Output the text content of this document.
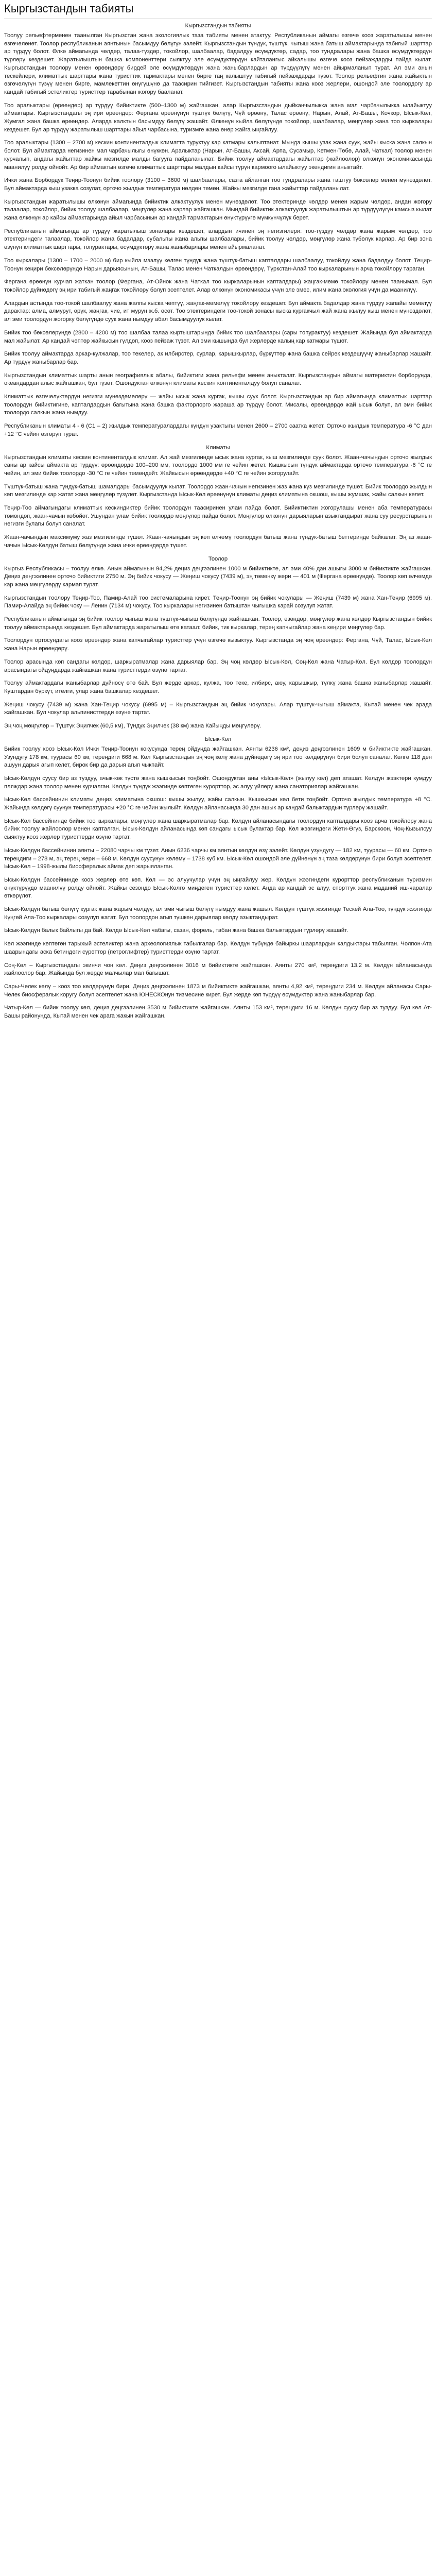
Кыргызстандын табияты
Кыргызстандын табияты

Тоолуу рельефтерменен таанылган Кыргызстан жана экологиялык таза табияты менен атактуу. Республиканын аймагы өзгөчө кооз жаратылышы менен өзгөчөлөнөт. Тоолор республиканын аянтынын басымдуу бөлүгүн ээлейт. Кыргызстандын түндүк, түштүк, чыгыш жана батыш аймактарында табигый шарттар ар түрдүү болот. Өлкө аймагында чөлдөр, талаа-түздөр, токойлор, шалбаалар, бадалдуу өсүмдүктөр, садар, тоо тундралары жана башка өсүмдүктөрдүн түрлөрү кездешет. Жаратылыштын башка компоненттери сыяктуу эле өсүмдүктөрдүн кайталангыс айкалышы өзгөчө кооз пейзаждарды пайда кылат. Кыргызстандын тоолору менен өрөөндөрү бирдей эле өсүмдүктөрдүн жана жаныбарлардын ар түрдүүлүгү менен айырмаланып турат. Ал эми анын тескейлери, климаттык шарттары жана туристтик тармактары менен бирге таң калыштуу табигый пейзаждарды түзөт. Тоолор рельефтин жана жайыктын өзгөчөлүгүн түзүү менен бирге, мамлекеттин өнүгүшүнө да таасирин тийгизет. Кыргызстандын табияты жана кооз жерлери, ошондой эле тоолордогу ар кандай табигый эстеликтер туристтер тарабынан жогору бааланат.

Тоо аралыктары (өрөөндөр) ар түрдүү бийиктикте (500–1300 м) жайгашкан, алар Кыргызстандын дыйканчылыкка жана мал чарбачылыкка ылайыктуу аймактары. Кыргызстандагы эң ири өрөөндөр: Фергана өрөөнүнүн түштүк бөлүгү, Чүй өрөөнү, Талас өрөөнү, Нарын, Алай, Ат-Башы, Кочкор, Ысык-Көл, Жумгал жана башка өрөөндөр. Аларда калктын басымдуу бөлүгү жашайт. Өлкөнүн кыйла бөлүгүндө токойлор, шалбаалар, мөңгүлөр жана тоо кыркалары кездешет. Бул ар түрдүү жаратылыш шарттары айыл чарбасына, туризмге жана өнөр жайга ыңгайлуу.

Тоо аралыктары (1300 – 2700 м) кескин континенталдык климатта туруктуу кар катмары калыптанат. Мында кышы узак жана суук, жайы кыска жана салкын болот. Бул аймактарда негизинен мал чарбачылыгы өнүккөн. Аралыктар (Нарын, Ат-Башы, Аксай, Арпа, Сусамыр, Кетмен-Төбө, Алай, Чаткал) тоолор менен курчалып, андагы жайыттар жайкы мезгилде малды багууга пайдаланылат. Бийик тоолуу аймактардагы жайыттар (жайлоолор) өлкөнүн экономикасында маанилүү ролду ойнойт. Ар бир аймактын өзгөчө климаттык шарттары малдын кайсы түрүн кармоого ылайыктуу экендигин аныктайт.

Ички жана Борбордук Теңир-Тоонун бийик тоолору (3100 – 3600 м) шалбаалары, сазга айланган тоо тундралары жана таштуу бөксөлөр менен мүнөздөлөт. Бул аймактарда кыш узакка созулат, орточо жылдык температура нөлдөн төмөн. Жайкы мезгилде гана жайыттар пайдаланылат.

Кыргызстандын жаратылышы өлкөнүн аймагында бийиктик алкактуулук менен мүнөздөлөт. Тоо этектеринде чөлдөр менен жарым чөлдөр, андан жогору талаалар, токойлор, бийик тоолуу шалбаалар, мөңгүлөр жана карлар жайгашкан. Мындай бийиктик алкактуулук жаратылыштын ар түрдүүлүгүн камсыз кылат жана өлкөнүн ар кайсы аймактарында айыл чарбасынын ар кандай тармактарын өнүктүрүүгө мүмкүнчүлүк берет.

Республиканын аймагында ар түрдүү жаратылыш зоналары кездешет, алардын ичинен эң негизгилери: тоо-түздүү чөлдөр жана жарым чөлдөр, тоо этектериндеги талаалар, токойлор жана бадалдар, субальпы жана альпы шалбаалары, бийик тоолуу чөлдөр, мөңгүлөр жана түбөлүк карлар. Ар бир зона өзүнүн климаттык шарттары, топурактары, өсүмдүктөрү жана жаныбарлары менен айырмаланат.

Тоо кыркалары (1300 – 1700 – 2000 м) бир кыйла мээлүү келген түндүк жана түштүк-батыш капталдары шалбаалуу, токойлуу жана бадалдуу болот. Теңир-Тоонун кеңири бөксөлөрүндө Нарын дарыясынын, Ат-Башы, Талас менен Чаткалдын өрөөндөрү, Түркстан-Алай тоо кыркаларынын арча токойлору тараган.

Фергана өрөөнүн курчап жаткан тоолор (Фергана, Ат-Ойнок жана Чаткал тоо кыркаларынын капталдары) жаңгак-мөмө токойлору менен таанымал. Бул токойлор дүйнөдөгү эң ири табигый жаңгак токойлору болуп эсептелет. Алар өлкөнүн экономикасы үчүн эле эмес, илим жана экология үчүн да маанилүү.

Алардын астында тоо-токой шалбаалуу жана жалпы кыска чөптүү, жаңгак-мөмөлүү токойлору кездешет. Бул аймакта бадалдар жана түрдүү жапайы мөмөлүү дарактар: алма, алмурут, өрүк, жаңгак, чие, ит мурун ж.б. өсөт. Тоо этектериндеги тоо-токой зонасы кыска кургакчыл жай жана жылуу кыш менен мүнөздөлөт, ал эми тоолордун жогорку бөлүгүндө суук жана нымдуу абал басымдуулук кылат.

Бийик тоо бөксөлөрүндө (2800 – 4200 м) тоо шалбаа талаа кыртыштарында бийик тоо шалбаалары (сары топурактуу) кездешет. Жайында бул аймактарда мал жайылат. Ар кандай чөптөр жайкысын гүлдөп, кооз пейзаж түзөт. Ал эми кышында бул жерлерде калың кар катмары түшөт.

Бийик тоолуу аймактарда аркар-кулжалар, тоо текелер, ак илбирстер, сурлар, карышкырлар, бүркүттөр жана башка сейрек кездешүүчү жаныбарлар жашайт. Ар түрдүү жаныбарлар бар.

Кыргызстандын климаттык шарты анын географиялык абалы, бийиктиги жана рельефи менен аныкталат. Кыргызстандын аймагы материктин борборунда, океандардан алыс жайгашкан, бул түзөт. Ошондуктан өлкөнүн климаты кескин континенталдуу болуп саналат.

Климаттык өзгөчөлүктөрдүн негизги мүнөздөмөлөрү — жайы ысык жана кургак, кышы суук болот. Кыргызстандын ар бир аймагында климаттык шарттар тоолордун бийиктигине, капталдардын багытына жана башка факторлорго жараша ар түрдүү болот. Мисалы, өрөөндөрдө жай ысык болуп, ал эми бийик тоолордо салкын жана нымдуу.

Республиканын климаты 4 - 6 (С1 – 2) жылдык температуралардагы күндүн узактыгы менен 2600 – 2700 саатка жетет. Орточо жылдык температура -6 °С дан +12 °С чейин өзгөрүп турат.

Климаты

Кыргызстандын климаты кескин континенталдык климат. Ал жай мезгилинде ысык жана кургак, кыш мезгилинде суук болот. Жаан-чачындын орточо жылдык саны ар кайсы аймакта ар түрдүү: өрөөндөрдө 100–200 мм, тоолордо 1000 мм ге чейин жетет. Кышкысын түндүк аймактарда орточо температура -6 °С ге чейин, ал эми бийик тоолордо -30 °С ге чейин төмөндөйт. Жайкысын өрөөндөрдө +40 °С ге чейин жогорулайт.

Түштүк-батыш жана түндүк-батыш шамалдары басымдуулук кылат. Тоолордо жаан-чачын негизинен жаз жана күз мезгилинде түшөт. Бийик тоолордо жылдын көп мезгилинде кар жатат жана мөңгүлөр түзүлөт. Кыргызстанда Ысык-Көл өрөөнүнүн климаты деңиз климатына окшош, кышы жумшак, жайы салкын келет.

Теңир-Тоо аймагындагы климаттык кескиндиктер бийик тоолордун таасиринен улам пайда болот. Бийиктиктин жогорулашы менен аба температурасы төмөндөп, жаан-чачын көбөйөт. Ушундан улам бийик тоолордо мөңгүлөр пайда болот. Мөңгүлөр өлкөнүн дарыяларын азыктандырат жана суу ресурстарынын негизги булагы болуп саналат.

Жаан-чачындын максимуму жаз мезгилинде түшөт. Жаан-чачындын эң көп өлчөмү тоолордун батыш жана түндүк-батыш беттеринде байкалат. Эң аз жаан-чачын Ысык-Көлдүн батыш бөлүгүндө жана ички өрөөндөрдө түшөт.

Тоолор

Кыргыз Республикасы – тоолуу өлкө. Анын аймагынын 94,2% деңиз деңгээлинен 1000 м бийиктикте, ал эми 40% дан ашыгы 3000 м бийиктикте жайгашкан. Деңиз деңгээлинен орточо бийиктиги 2750 м. Эң бийик чокусу — Жеңиш чокусу (7439 м), эң төмөнкү жери — 401 м (Фергана өрөөнүндө). Тоолор көп өлчөмдө кар жана мөңгүлөрдү кармап турат.

Кыргызстандын тоолору Теңир-Тоо, Памир-Алай тоо системаларына кирет. Теңир-Тоонун эң бийик чокулары — Жеңиш (7439 м) жана Хан-Теңир (6995 м). Памир-Алайда эң бийик чоку — Ленин (7134 м) чокусу. Тоо кыркалары негизинен батыштан чыгышка карай созулуп жатат.

Республиканын аймагында эң бийик тоолор чыгыш жана түштүк-чыгыш бөлүгүндө жайгашкан. Тоолор, өзөндөр, мөңгүлөр жана көлдөр Кыргызстандын бийик тоолуу аймактарында кездешет. Бул аймактарда жаратылыш өтө катаал: бийик, тик кыркалар, терең капчыгайлар жана кеңири мөңгүлөр бар.

Тоолордун ортосундагы кооз өрөөндөр жана капчыгайлар туристтер үчүн өзгөчө кызыктуу. Кыргызстанда эң чоң өрөөндөр: Фергана, Чүй, Талас, Ысык-Көл жана Нарын өрөөндөрү.

Тоолор арасында көп сандагы көлдөр, шаркыратмалар жана дарыялар бар. Эң чоң көлдөр Ысык-Көл, Соң-Көл жана Чатыр-Көл. Бул көлдөр тоолордун арасындагы ойдуңдарда жайгашкан жана туристтерди өзүнө тартат.

Тоолуу аймактардагы жаныбарлар дүйнөсү өтө бай. Бул жерде аркар, кулжа, тоо теке, илбирс, аюу, карышкыр, түлкү жана башка жаныбарлар жашайт. Куштардан бүркүт, ителги, улар жана башкалар кездешет.

Жеңиш чокусу (7439 м) жана Хан-Теңир чокусу (6995 м) – Кыргызстандын эң бийик чокулары. Алар түштүк-чыгыш аймакта, Кытай менен чек арада жайгашкан. Бул чокулар альпинисттерди өзүнө тартат.

Эң чоң мөңгүлөр – Түштүк Эңилчек (60,5 км), Түндүк Эңилчек (38 км) жана Кайыңды мөңгүлөрү.

Ысык-Көл

Бийик тоолуу кооз Ысык-Көл Ички Теңир-Тоонун кокусунда терең ойдуңда жайгашкан. Аянты 6236 км², деңиз деңгээлинен 1609 м бийиктикте жайгашкан. Узундугу 178 км, туурасы 60 км, тереңдиги 668 м. Көл Кыргызстандын эң чоң көлү жана дүйнөдөгү эң ири тоо көлдөрүнүн бири болуп саналат. Көлгө 118 ден ашуун дарыя агып келет, бирок бир да дарыя агып чыкпайт.

Ысык-Көлдүн суусу бир аз туздуу, ачык-көк түстө жана кышкысын тоңбойт. Ошондуктан аны «Ысык-Көл» (жылуу көл) деп аташат. Көлдүн жээктери кумдуу пляждар жана тоолор менен курчалган. Көлдүн түндүк жээгинде көптөгөн курорттор, эс алуу үйлөрү жана санаториялар жайгашкан.

Ысык-Көл бассейнинин климаты деңиз климатына окшош: кышы жылуу, жайы салкын. Кышкысын көл бети тоңбойт. Орточо жылдык температура +8 °С. Жайында көлдөгү суунун температурасы +20 °С ге чейин жылыйт. Көлдүн айланасында 30 дан ашык ар кандай балыктардын түрлөрү жашайт.

Ысык-Көл бассейнинде бийик тоо кыркалары, мөңгүлөр жана шаркыратмалар бар. Көлдүн айланасындагы тоолордун капталдары кооз арча токойлору жана бийик тоолуу жайлоолор менен капталган. Ысык-Көлдүн айланасында көп сандагы ысык булактар бар. Көл жээгиндеги Жети-Өгүз, Барскоон, Чоң-Кызылсуу сыяктуу кооз жерлер туристтерди өзүнө тартат.

Ысык-Көлдүн бассейнинин аянты – 22080 чарчы км түзөт. Анын 6236 чарчы км аянтын көлдүн өзү ээлейт. Көлдүн узундугу — 182 км, туурасы — 60 км. Орточо тереңдиги – 278 м, эң терең жери – 668 м. Көлдүн суусунун көлөмү – 1738 куб км. Ысык-Көл ошондой эле дүйнөнүн эң таза көлдөрүнүн бири болуп эсептелет. Ысык-Көл – 1998-жылы биосфералык аймак деп жарыяланган.

Ысык-Көлдүн бассейнинде кооз жерлер өтө көп. Көл — эс алуучулар үчүн эң ыңгайлуу жер. Көлдүн жээгиндеги курорттор республиканын туризмин өнүктүрүүдө маанилүү ролду ойнойт. Жайкы сезондо Ысык-Көлгө миңдеген туристтер келет. Анда ар кандай эс алуу, спорттук жана маданий иш-чаралар өткөрүлөт.

Ысык-Көлдүн батыш бөлүгү кургак жана жарым чөлдүү, ал эми чыгыш бөлүгү нымдуу жана жашыл. Көлдүн түштүк жээгинде Тескей Ала-Тоо, түндүк жээгинде Күңгөй Ала-Тоо кыркалары созулуп жатат. Бул тоолордон агып түшкөн дарыялар көлдү азыктандырат.

Ысык-Көлдүн балык байлыгы да бай. Көлдө Ысык-Көл чабагы, сазан, форель, табан жана башка балыктардын түрлөрү жашайт.

Көл жээгинде көптөгөн тарыхый эстеликтер жана археологиялык табылгалар бар. Көлдүн түбүндө байыркы шаарлардын калдыктары табылган. Чолпон-Ата шаарындагы аска бетиндеги сүрөттөр (петроглифтер) туристтерди өзүнө тартат.

Соң-Көл – Кыргызстандагы экинчи чоң көл. Деңиз деңгээлинен 3016 м бийиктикте жайгашкан. Аянты 270 км², тереңдиги 13,2 м. Көлдүн айланасында жайлоолор бар. Жайында бул жерде малчылар мал багышат.

Сары-Челек көлү – кооз тоо көлдөрүнүн бири. Деңиз деңгээлинен 1873 м бийиктикте жайгашкан, аянты 4,92 км², тереңдиги 234 м. Көлдүн айланасы Сары-Челек биосфералык коругу болуп эсептелет жана ЮНЕСКОнун тизмесине кирет. Бул жерде көп түрдүү өсүмдүктөр жана жаныбарлар бар.

Чатыр-Көл — бийик тоолуу көл, деңиз деңгээлинен 3530 м бийиктикте жайгашкан. Аянты 153 км², тереңдиги 16 м. Көлдүн суусу бир аз туздуу. Бул көл Ат-Башы районунда, Кытай менен чек арага жакын жайгашкан.
